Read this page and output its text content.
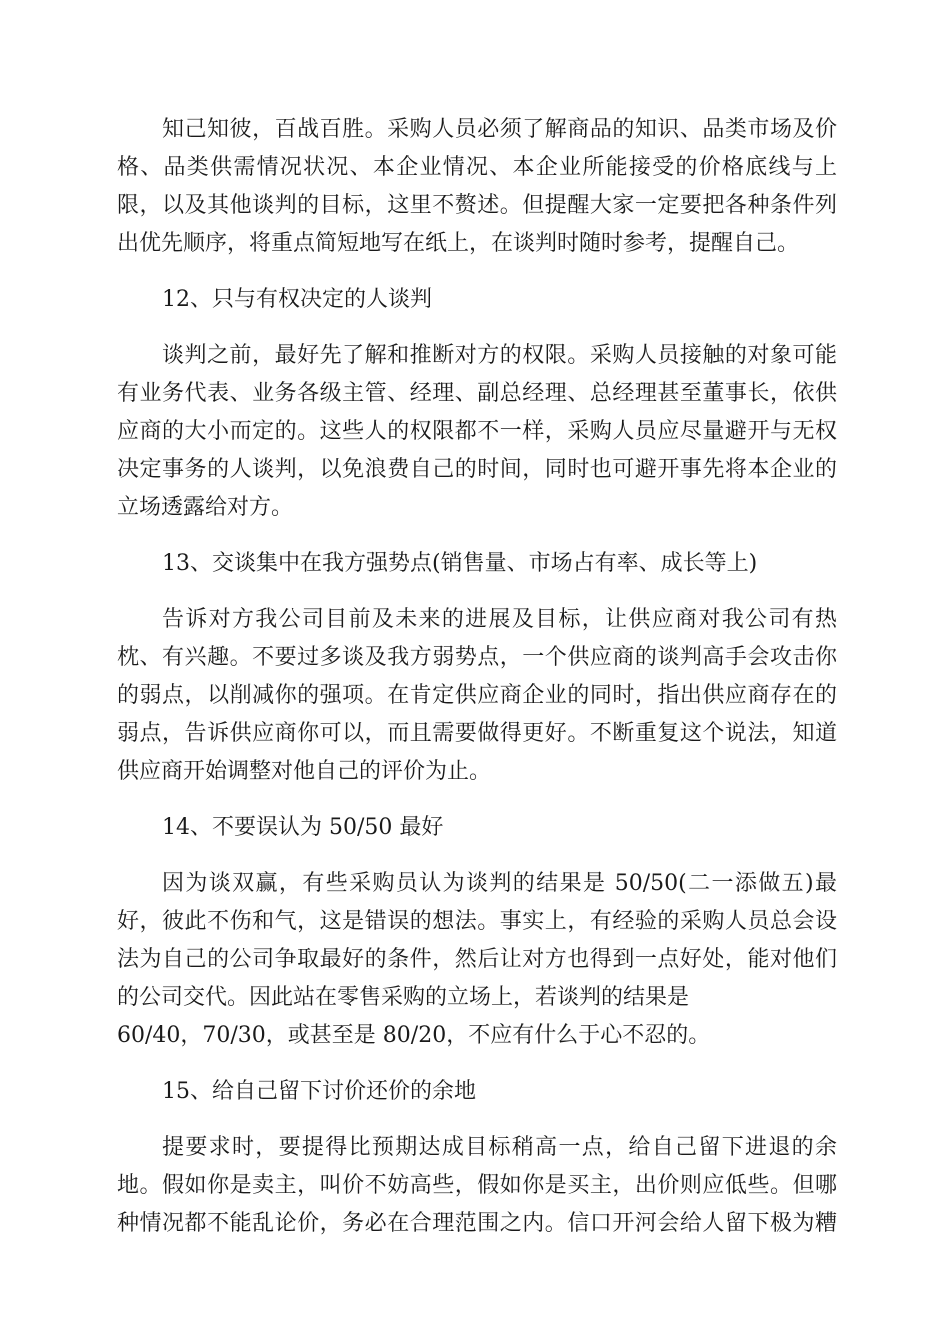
知己知彼，百战百胜。采购人员必须了解商品的知识、品类市场及价
格、品类供需情况状况、本企业情况、本企业所能接受的价格底线与上
限，以及其他谈判的目标，这里不赘述。但提醒大家一定要把各种条件列
出优先顺序，将重点简短地写在纸上，在谈判时随时参考，提醒自己。
12、只与有权决定的人谈判
谈判之前，最好先了解和推断对方的权限。采购人员接触的对象可能
有业务代表、业务各级主管、经理、副总经理、总经理甚至董事长，依供
应商的大小而定的。这些人的权限都不一样，采购人员应尽量避开与无权
决定事务的人谈判，以免浪费自己的时间，同时也可避开事先将本企业的
立场透露给对方。
13、交谈集中在我方强势点(销售量、市场占有率、成长等上)
告诉对方我公司目前及未来的进展及目标，让供应商对我公司有热
枕、有兴趣。不要过多谈及我方弱势点，一个供应商的谈判高手会攻击你
的弱点，以削减你的强项。在肯定供应商企业的同时，指出供应商存在的
弱点，告诉供应商你可以，而且需要做得更好。不断重复这个说法，知道
供应商开始调整对他自己的评价为止。
14、不要误认为 50/50 最好
因为谈双赢，有些采购员认为谈判的结果是 50/50(二一添做五)最
好，彼此不伤和气，这是错误的想法。事实上，有经验的采购人员总会设
法为自己的公司争取最好的条件，然后让对方也得到一点好处，能对他们
的公司交代。因此站在零售采购的立场上，若谈判的结果是
60/40，70/30，或甚至是 80/20，不应有什么于心不忍的。
15、给自己留下讨价还价的余地
提要求时，要提得比预期达成目标稍高一点，给自己留下进退的余
地。假如你是卖主，叫价不妨高些，假如你是买主，出价则应低些。但哪
种情况都不能乱论价，务必在合理范围之内。信口开河会给人留下极为糟
